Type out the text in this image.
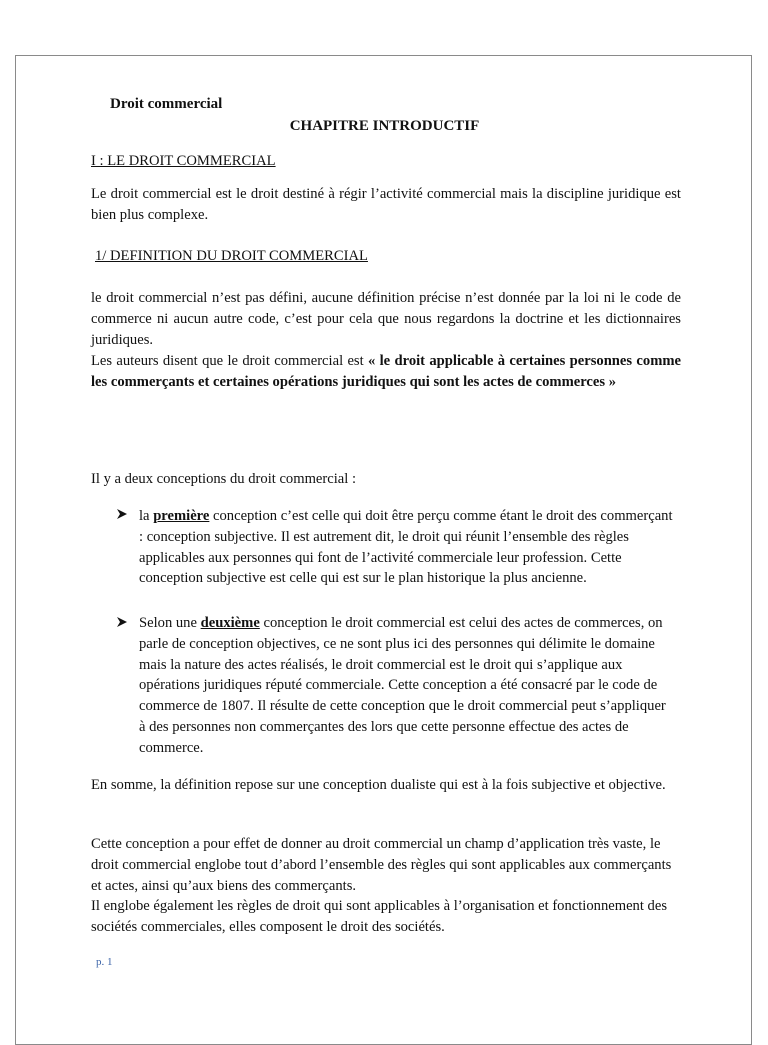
Droit commercial
CHAPITRE INTRODUCTIF
I : LE DROIT COMMERCIAL
Le droit commercial est le droit destiné à régir l’activité commercial mais la discipline juridique est bien plus complexe.
1/ DEFINITION DU DROIT COMMERCIAL
le droit commercial n’est pas défini, aucune définition précise n’est donnée par la loi ni le code de commerce ni aucun autre code, c’est pour cela que nous regardons la doctrine et les dictionnaires juridiques.
Les auteurs disent que le droit commercial est « le droit applicable à certaines personnes comme les commerçants et certaines opérations juridiques qui sont les actes de commerces »
Il y a deux conceptions du droit commercial :
la première conception c’est celle qui doit être perçu comme étant le droit des commerçant : conception subjective. Il est autrement dit, le droit qui réunit l’ensemble des règles applicables aux personnes qui font de l’activité commerciale leur profession. Cette conception subjective est celle qui est sur le plan historique la plus ancienne.
Selon une deuxième conception le droit commercial est celui des actes de commerces, on parle de conception objectives, ce ne sont plus ici des personnes qui délimite le domaine mais la nature des actes réalisés, le droit commercial est le droit qui s’applique aux opérations juridiques réputé commerciale. Cette conception a été consacré par le code de commerce de 1807. Il résulte de cette conception que le droit commercial peut s’appliquer à des personnes non commerçantes des lors que cette personne effectue des actes de commerce.
En somme, la définition repose sur une conception dualiste qui est à la fois subjective et objective.
Cette conception a pour effet de donner au droit commercial un champ d’application très vaste, le droit commercial englobe tout d’abord l’ensemble des règles qui sont applicables aux commerçants et actes, ainsi qu’aux biens des commerçants.
Il englobe également les règles de droit qui sont applicables à l’organisation et fonctionnement des sociétés commerciales, elles composent le droit des sociétés.
p. 1
